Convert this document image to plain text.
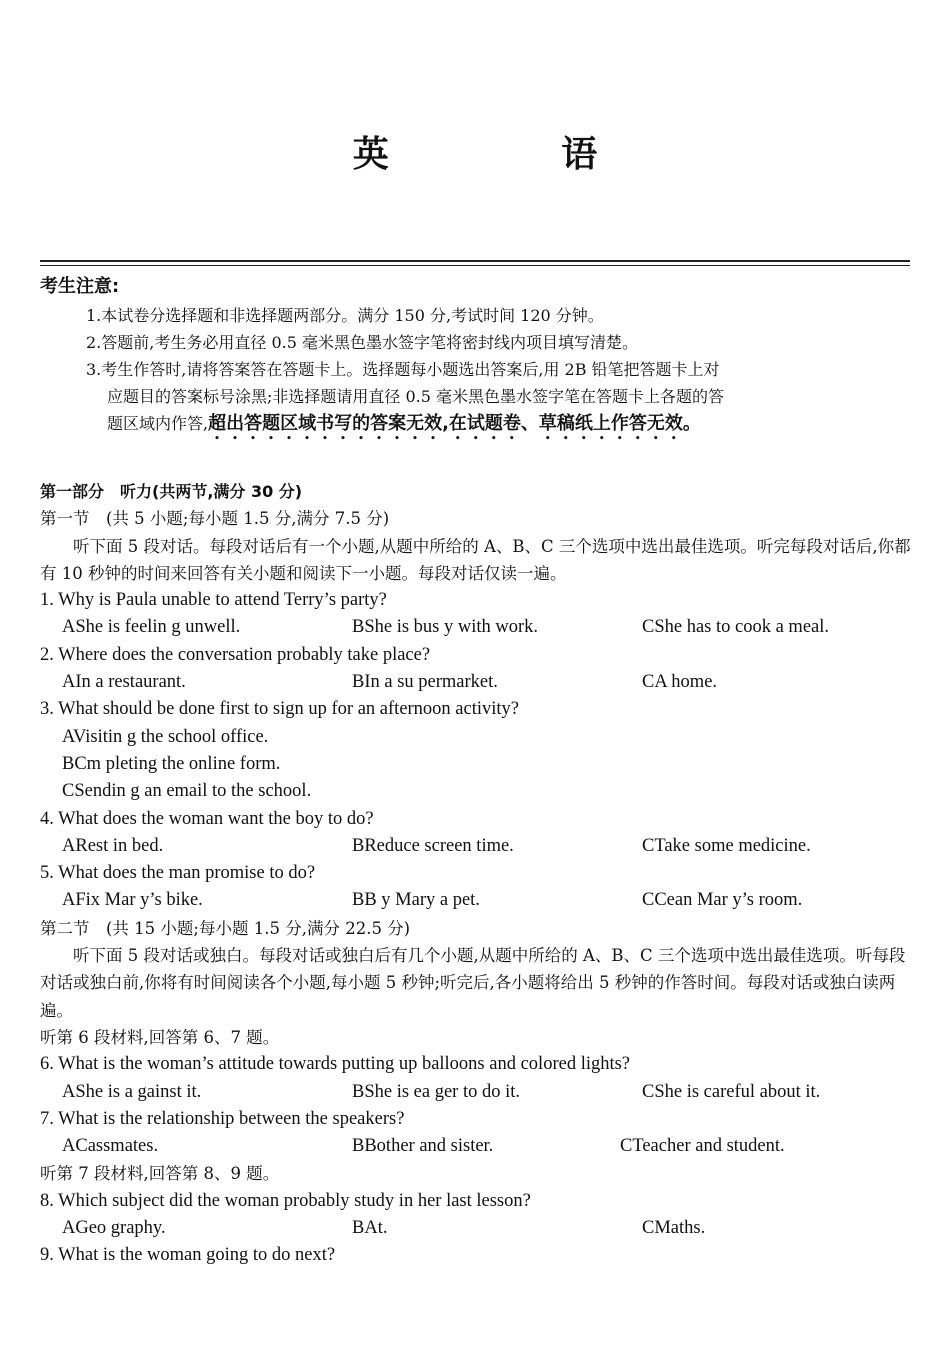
英 语
考生注意:
1.本试卷分选择题和非选择题两部分。满分 150 分,考试时间 120 分钟。
2.答题前,考生务必用直径 0.5 毫米黑色墨水签字笔将密封线内项目填写清楚。
3.考生作答时,请将答案答在答题卡上。选择题每小题选出答案后,用 2B 铅笔把答题卡上对
应题目的答案标号涂黑;非选择题请用直径 0.5 毫米黑色墨水签字笔在答题卡上各题的答
题区域内作答,超出答题区域书写的答案无效,在试题卷、草稿纸上作答无效。
第一部分　听力(共两节,满分 30 分)
第一节　(共 5 小题;每小题 1.5 分,满分 7.5 分)
听下面 5 段对话。每段对话后有一个小题,从题中所给的 A、B、C 三个选项中选出最佳选项。听完每段对话后,你都有 10 秒钟的时间来回答有关小题和阅读下一小题。每段对话仅读一遍。
1. Why is Paula unable to attend Terry’s party?
AShe is feelin g unwell.	BShe is bus y with work.	CShe has to cook a meal.
2. Where does the conversation probably take place?
AIn a restaurant.	BIn a su permarket.	CA home.
3. What should be done first to sign up for an afternoon activity?
AVisitin g the school office.
BCm pleting the online form.
CSendin g an email to the school.
4. What does the woman want the boy to do?
ARest in bed.	BReduce screen time.	CTake some medicine.
5. What does the man promise to do?
AFix Mar y’s bike.	BB y Mary a pet.	CCean Mar y’s room.
第二节　(共 15 小题;每小题 1.5 分,满分 22.5 分)
听下面 5 段对话或独白。每段对话或独白后有几个小题,从题中所给的 A、B、C 三个选项中选出最佳选项。听每段对话或独白前,你将有时间阅读各个小题,每小题 5 秒钟;听完后,各小题将给出 5 秒钟的作答时间。每段对话或独白读两遍。
听第 6 段材料,回答第 6、7 题。
6. What is the woman’s attitude towards putting up balloons and colored lights?
AShe is a gainst it.	BShe is ea ger to do it.	CShe is careful about it.
7. What is the relationship between the speakers?
ACassmates.	BBother and sister.	CTeacher and student.
听第 7 段材料,回答第 8、9 题。
8. Which subject did the woman probably study in her last lesson?
AGeo graphy.	BAt.	CMaths.
9. What is the woman going to do next?
